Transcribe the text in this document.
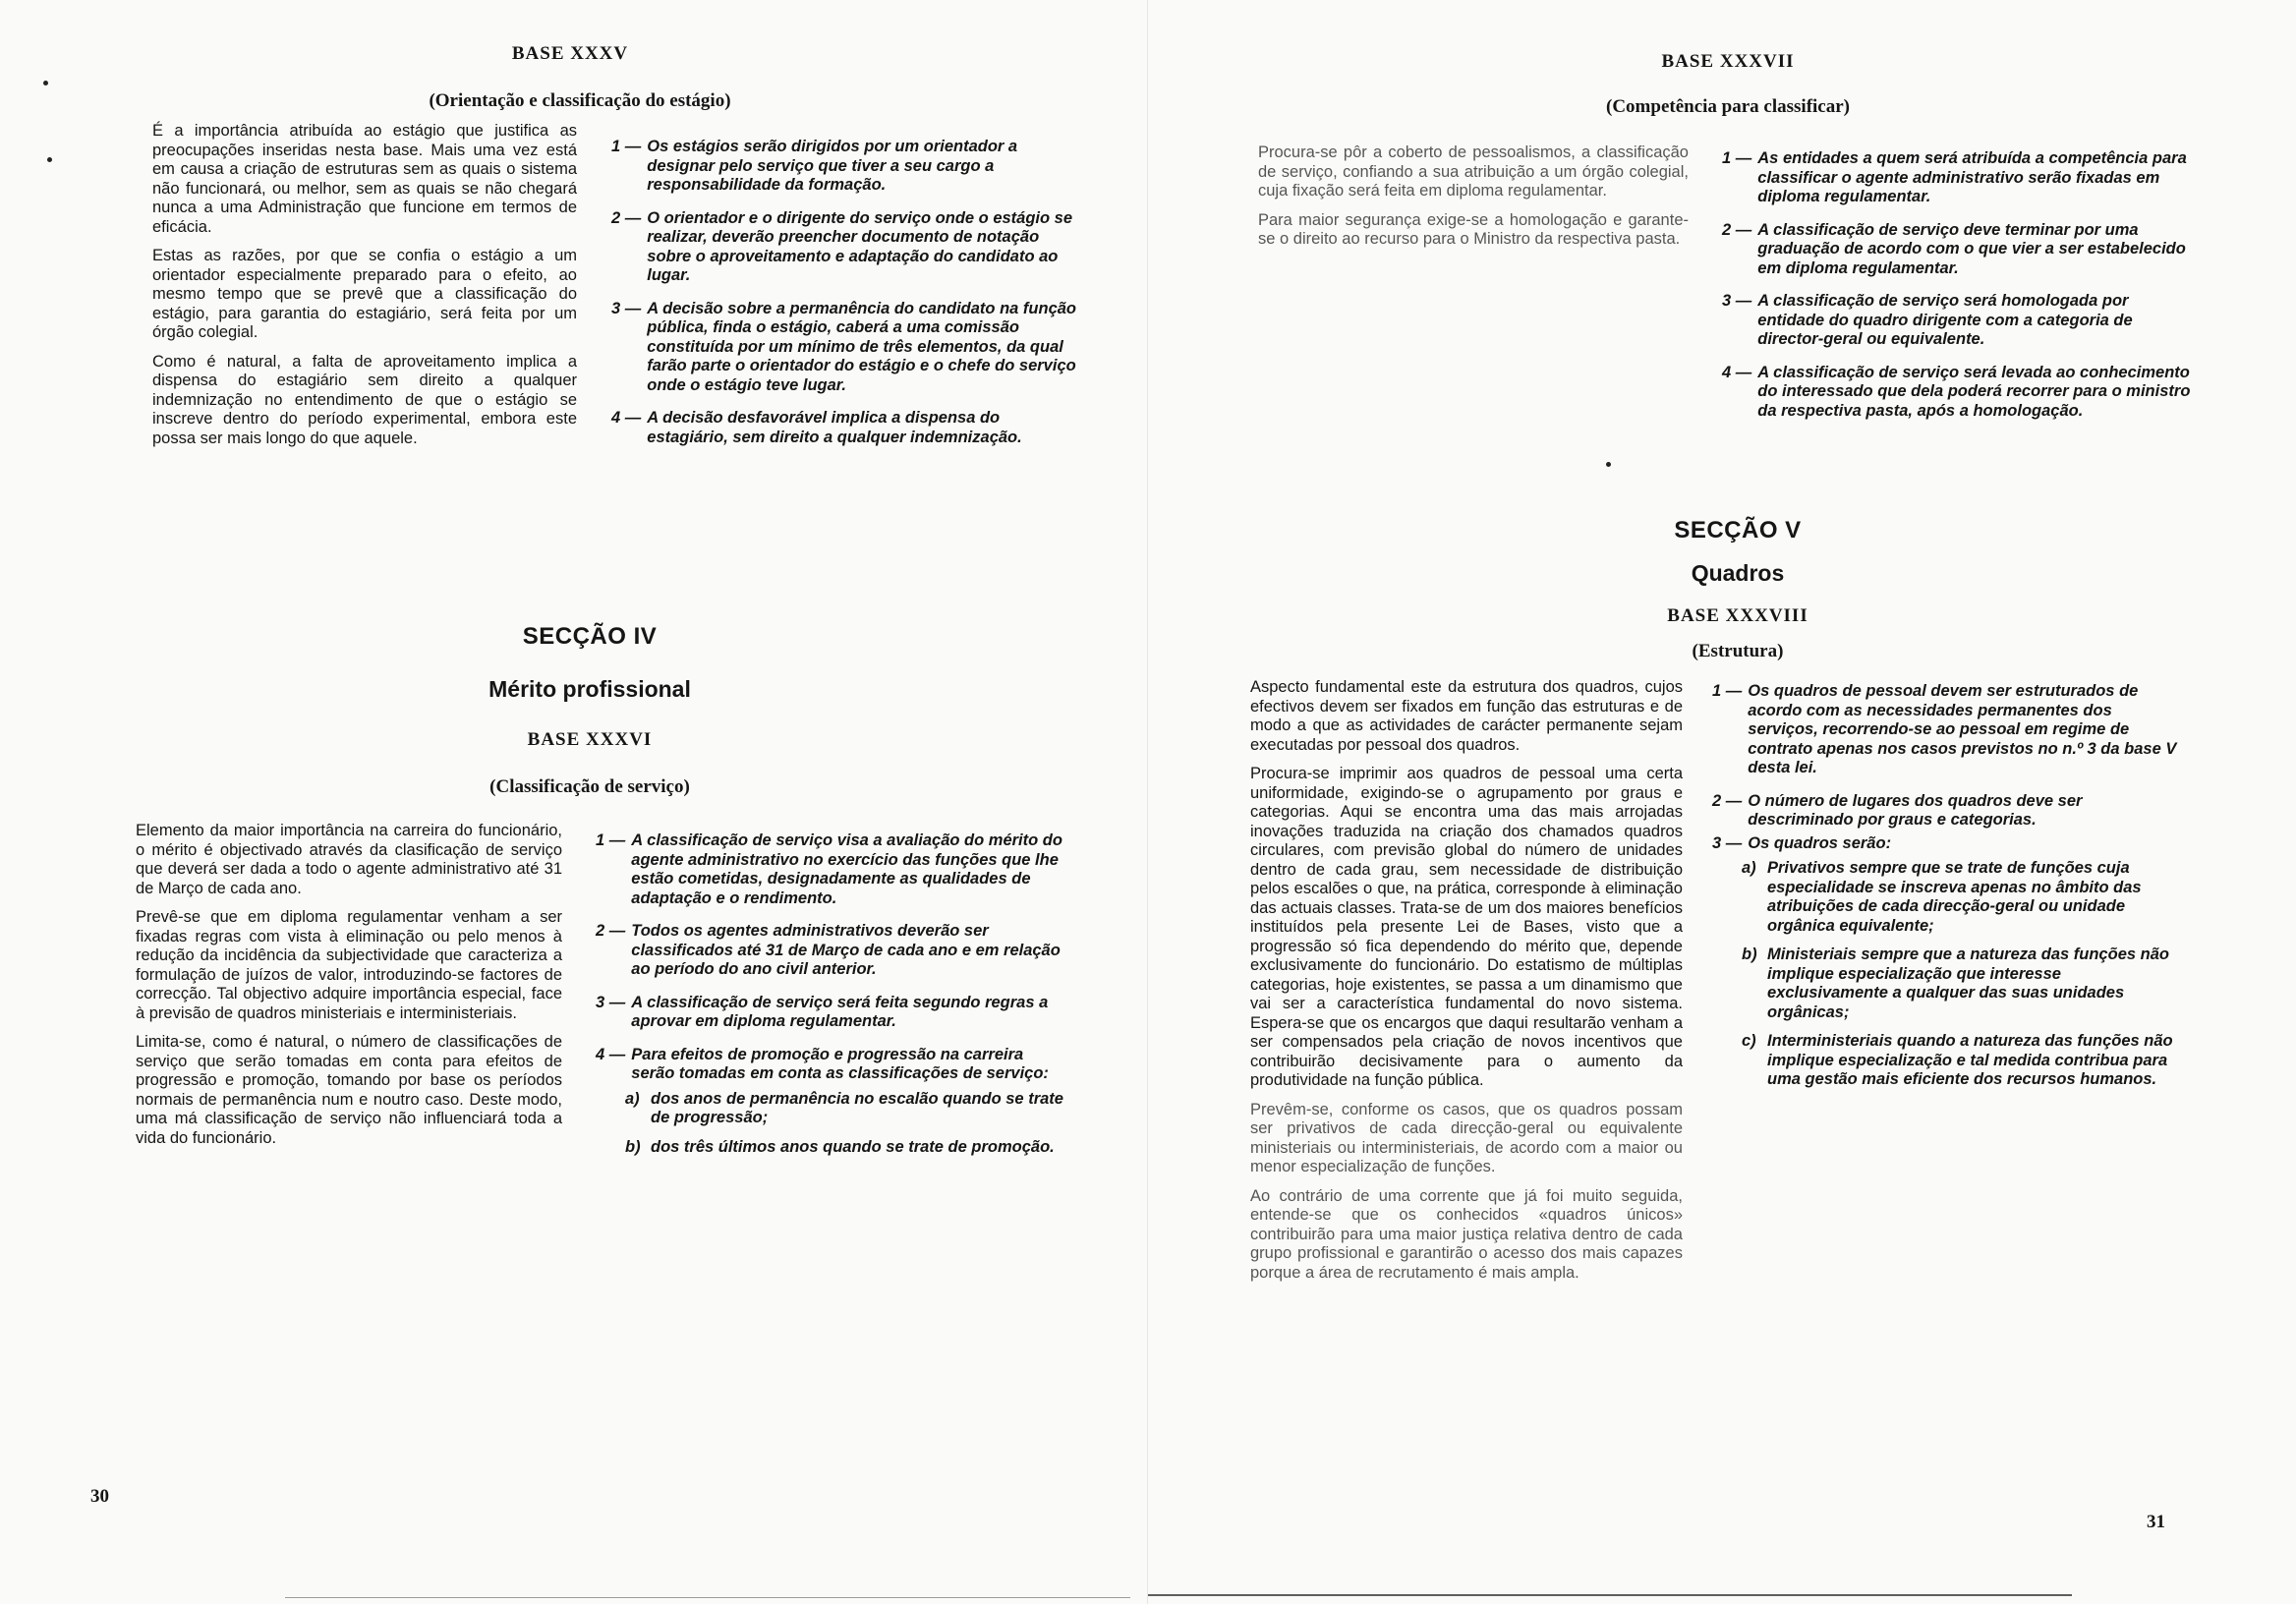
BASE XXXV
(Orientação e classificação do estágio)

É a importância atribuída ao estágio que justifica as preocupações inseridas nesta base. Mais uma vez está em causa a criação de estruturas sem as quais o sistema não funcionará, ou melhor, sem as quais se não chegará nunca a uma Administração que funcione em termos de eficácia.

Estas as razões, por que se confia o estágio a um orientador especialmente preparado para o efeito, ao mesmo tempo que se prevê que a classificação do estágio, para garantia do estagiário, será feita por um órgão colegial.

Como é natural, a falta de aproveitamento implica a dispensa do estagiário sem direito a qualquer indemnização no entendimento de que o estágio se inscreve dentro do período experimental, embora este possa ser mais longo do que aquele.

1 — Os estágios serão dirigidos por um orientador a designar pelo serviço que tiver a seu cargo a responsabilidade da formação.
2 — O orientador e o dirigente do serviço onde o estágio se realizar, deverão preencher documento de notação sobre o aproveitamento e adaptação do candidato ao lugar.
3 — A decisão sobre a permanência do candidato na função pública, finda o estágio, caberá a uma comissão constituída por um mínimo de três elementos, da qual farão parte o orientador do estágio e o chefe do serviço onde o estágio teve lugar.
4 — A decisão desfavorável implica a dispensa do estagiário, sem direito a qualquer indemnização.
SECÇÃO IV
Mérito profissional
BASE XXXVI
(Classificação de serviço)

Elemento da maior importância na carreira do funcionário, o mérito é objectivado através da clasificação de serviço que deverá ser dada a todo o agente administrativo até 31 de Março de cada ano.

Prevê-se que em diploma regulamentar venham a ser fixadas regras com vista à eliminação ou pelo menos à redução da incidência da subjectividade que caracteriza a formulação de juízos de valor, introduzindo-se factores de correcção. Tal objectivo adquire importância especial, face à previsão de quadros ministeriais e interministeriais.

Limita-se, como é natural, o número de classificações de serviço que serão tomadas em conta para efeitos de progressão e promoção, tomando por base os períodos normais de permanência num e noutro caso. Deste modo, uma má classificação de serviço não influenciará toda a vida do funcionário.

1 — A classificação de serviço visa a avaliação do mérito do agente administrativo no exercício das funções que lhe estão cometidas, designadamente as qualidades de adaptação e o rendimento.
2 — Todos os agentes administrativos deverão ser classificados até 31 de Março de cada ano e em relação ao período do ano civil anterior.
3 — A classificação de serviço será feita segundo regras a aprovar em diploma regulamentar.
4 — Para efeitos de promoção e progressão na carreira serão tomadas em conta as classificações de serviço:
a) dos anos de permanência no escalão quando se trate de progressão;
b) dos três últimos anos quando se trate de promoção.
30
BASE XXXVII
(Competência para classificar)

Procura-se pôr a coberto de pessoalismos, a classificação de serviço, confiando a sua atribuição a um órgão colegial, cuja fixação será feita em diploma regulamentar.

Para maior segurança exige-se a homologação e garante-se o direito ao recurso para o Ministro da respectiva pasta.

1 — As entidades a quem será atribuída a competência para classificar o agente administrativo serão fixadas em diploma regulamentar.
2 — A classificação de serviço deve terminar por uma graduação de acordo com o que vier a ser estabelecido em diploma regulamentar.
3 — A classificação de serviço será homologada por entidade do quadro dirigente com a categoria de director-geral ou equivalente.
4 — A classificação de serviço será levada ao conhecimento do interessado que dela poderá recorrer para o ministro da respectiva pasta, após a homologação.
SECÇÃO V
Quadros
BASE XXXVIII
(Estrutura)

Aspecto fundamental este da estrutura dos quadros, cujos efectivos devem ser fixados em função das estruturas e de modo a que as actividades de carácter permanente sejam executadas por pessoal dos quadros.

Procura-se imprimir aos quadros de pessoal uma certa uniformidade, exigindo-se o agrupamento por graus e categorias. Aqui se encontra uma das mais arrojadas inovações traduzida na criação dos chamados quadros circulares, com previsão global do número de unidades dentro de cada grau, sem necessidade de distribuição pelos escalões o que, na prática, corresponde à eliminação das actuais classes. Trata-se de um dos maiores benefícios instituídos pela presente Lei de Bases, visto que a progressão só fica dependendo do mérito que, depende exclusivamente do funcionário. Do estatismo de múltiplas categorias, hoje existentes, se passa a um dinamismo que vai ser a característica fundamental do novo sistema. Espera-se que os encargos que daqui resultarão venham a ser compensados pela criação de novos incentivos que contribuirão decisivamente para o aumento da produtividade na função pública.

Prevêm-se, conforme os casos, que os quadros possam ser privativos de cada direcção-geral ou equivalente ministeriais ou interministeriais, de acordo com a maior ou menor especialização de funções.

Ao contrário de uma corrente que já foi muito seguida, entende-se que os conhecidos «quadros únicos» contribuirão para uma maior justiça relativa dentro de cada grupo profissional e garantirão o acesso dos mais capazes porque a área de recrutamento é mais ampla.

1 — Os quadros de pessoal devem ser estruturados de acordo com as necessidades permanentes dos serviços, recorrendo-se ao pessoal em regime de contrato apenas nos casos previstos no n.º 3 da base V desta lei.
2 — O número de lugares dos quadros deve ser descriminado por graus e categorias.
3 — Os quadros serão:
a) Privativos sempre que se trate de funções cuja especialidade se inscreva apenas no âmbito das atribuições de cada direcção-geral ou unidade orgânica equivalente;
b) Ministeriais sempre que a natureza das funções não implique especialização que interesse exclusivamente a qualquer das suas unidades orgânicas;
c) Interministeriais quando a natureza das funções não implique especialização e tal medida contribua para uma gestão mais eficiente dos recursos humanos.
31
